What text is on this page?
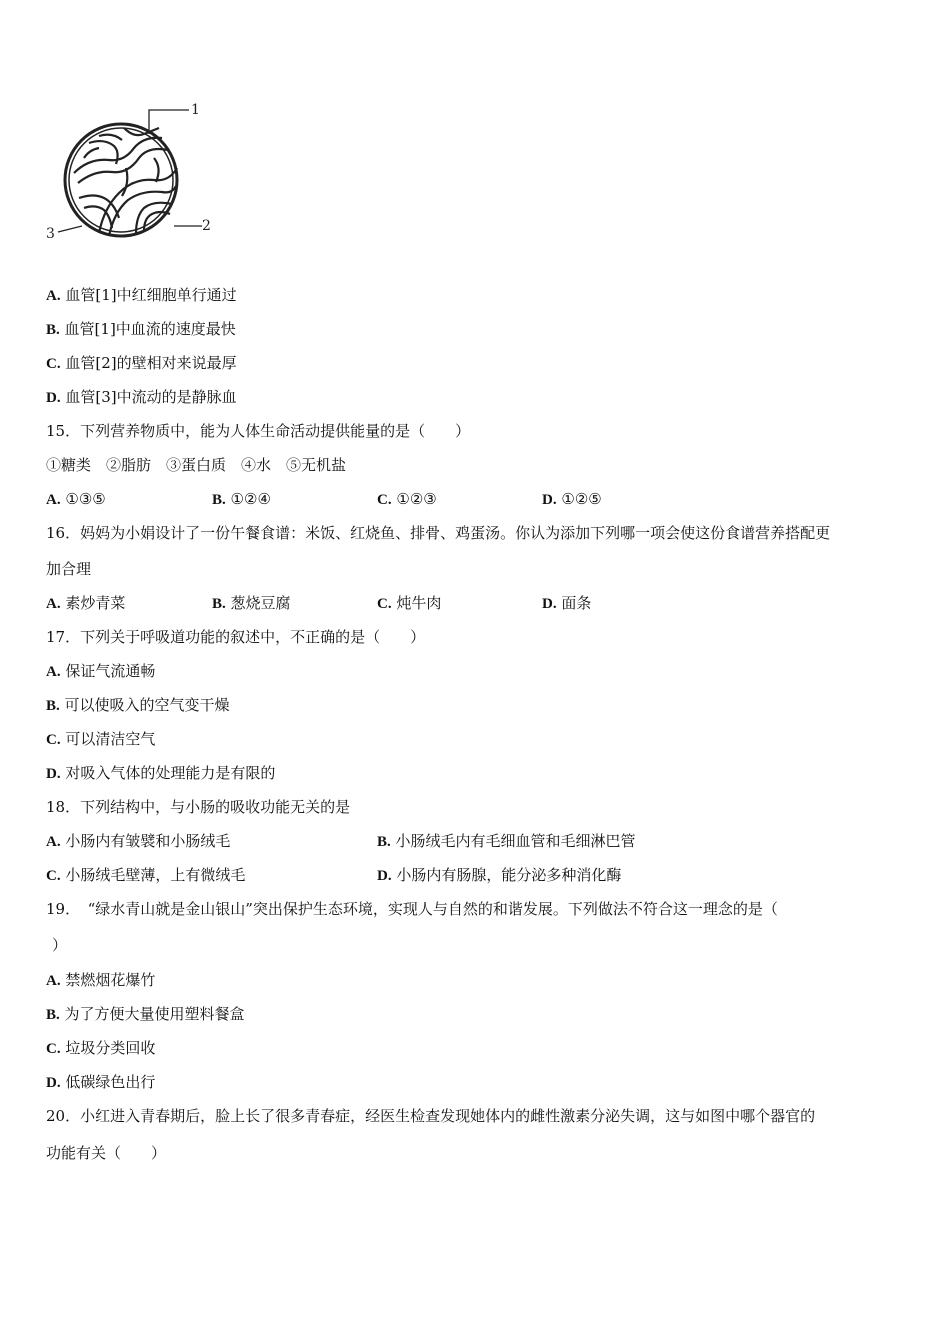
1
2
3
A. 血管[1]中红细胞单行通过
B. 血管[1]中血流的速度最快
C. 血管[2]的壁相对来说最厚
D. 血管[3]中流动的是静脉血
15．下列营养物质中，能为人体生命活动提供能量的是（　　）
①糖类　②脂肪　③蛋白质　④水　⑤无机盐
A. ①③⑤	B. ①②④	C. ①②③	D. ①②⑤
16．妈妈为小娟设计了一份午餐食谱：米饭、红烧鱼、排骨、鸡蛋汤。你认为添加下列哪一项会使这份食谱营养搭配更
加合理
A. 素炒青菜	B. 葱烧豆腐	C. 炖牛肉	D. 面条
17．下列关于呼吸道功能的叙述中，不正确的是（　　）
A. 保证气流通畅
B. 可以使吸入的空气变干燥
C. 可以清洁空气
D. 对吸入气体的处理能力是有限的
18．下列结构中，与小肠的吸收功能无关的是
A. 小肠内有皱襞和小肠绒毛	B. 小肠绒毛内有毛细血管和毛细淋巴管
C. 小肠绒毛壁薄，上有微绒毛	D. 小肠内有肠腺，能分泌多种消化酶
19．　“绿水青山就是金山银山”突出保护生态环境，实现人与自然的和谐发展。下列做法不符合这一理念的是（
）
A. 禁燃烟花爆竹
B. 为了方便大量使用塑料餐盒
C. 垃圾分类回收
D. 低碳绿色出行
20．小红进入青春期后，脸上长了很多青春症，经医生检查发现她体内的雌性激素分泌失调，这与如图中哪个器官的
功能有关（　　）
